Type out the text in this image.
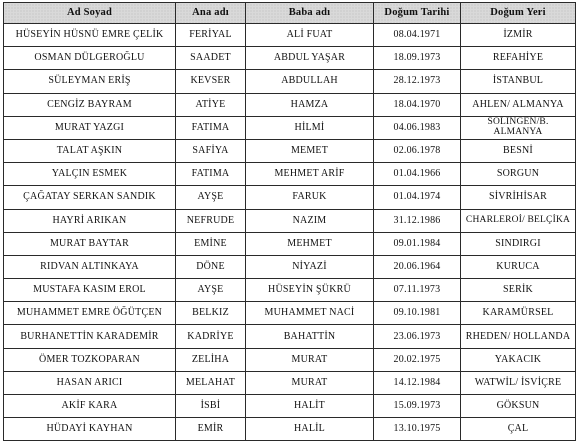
Ad Soyad	Ana adı	Baba adı	Doğum Tarihi	Doğum Yeri
HÜSEYİN HÜSNÜ EMRE ÇELİK	FERİYAL	ALİ FUAT	08.04.1971	İZMİR
OSMAN DÜLGEROĞLU	SAADET	ABDUL YAŞAR	18.09.1973	REFAHİYE
SÜLEYMAN ERİŞ	KEVSER	ABDULLAH	28.12.1973	İSTANBUL
CENGİZ BAYRAM	ATİYE	HAMZA	18.04.1970	AHLEN/ ALMANYA
MURAT YAZGI	FATIMA	HİLMİ	04.06.1983	SOLİNGEN/B. ALMANYA
TALAT AŞKIN	SAFİYA	MEMET	02.06.1978	BESNİ
YALÇIN ESMEK	FATIMA	MEHMET ARİF	01.04.1966	SORGUN
ÇAĞATAY SERKAN SANDIK	AYŞE	FARUK	01.04.1974	SİVRİHİSAR
HAYRİ ARIKAN	NEFRUDE	NAZIM	31.12.1986	CHARLEROİ/ BELÇİKA
MURAT BAYTAR	EMİNE	MEHMET	09.01.1984	SINDIRGI
RIDVAN ALTINKAYA	DÖNE	NİYAZİ	20.06.1964	KURUCA
MUSTAFA KASIM EROL	AYŞE	HÜSEYİN ŞÜKRÜ	07.11.1973	SERİK
MUHAMMET EMRE ÖĞÜTÇEN	BELKIZ	MUHAMMET NACİ	09.10.1981	KARAMÜRSEL
BURHANETTİN KARADEMİR	KADRİYE	BAHATTİN	23.06.1973	RHEDEN/ HOLLANDA
ÖMER TOZKOPARAN	ZELİHA	MURAT	20.02.1975	YAKACIK
HASAN ARICI	MELAHAT	MURAT	14.12.1984	WATWİL/ İSVİÇRE
AKİF KARA	İSBİ	HALİT	15.09.1973	GÖKSUN
HÜDAYİ KAYHAN	EMİR	HALİL	13.10.1975	ÇAL
